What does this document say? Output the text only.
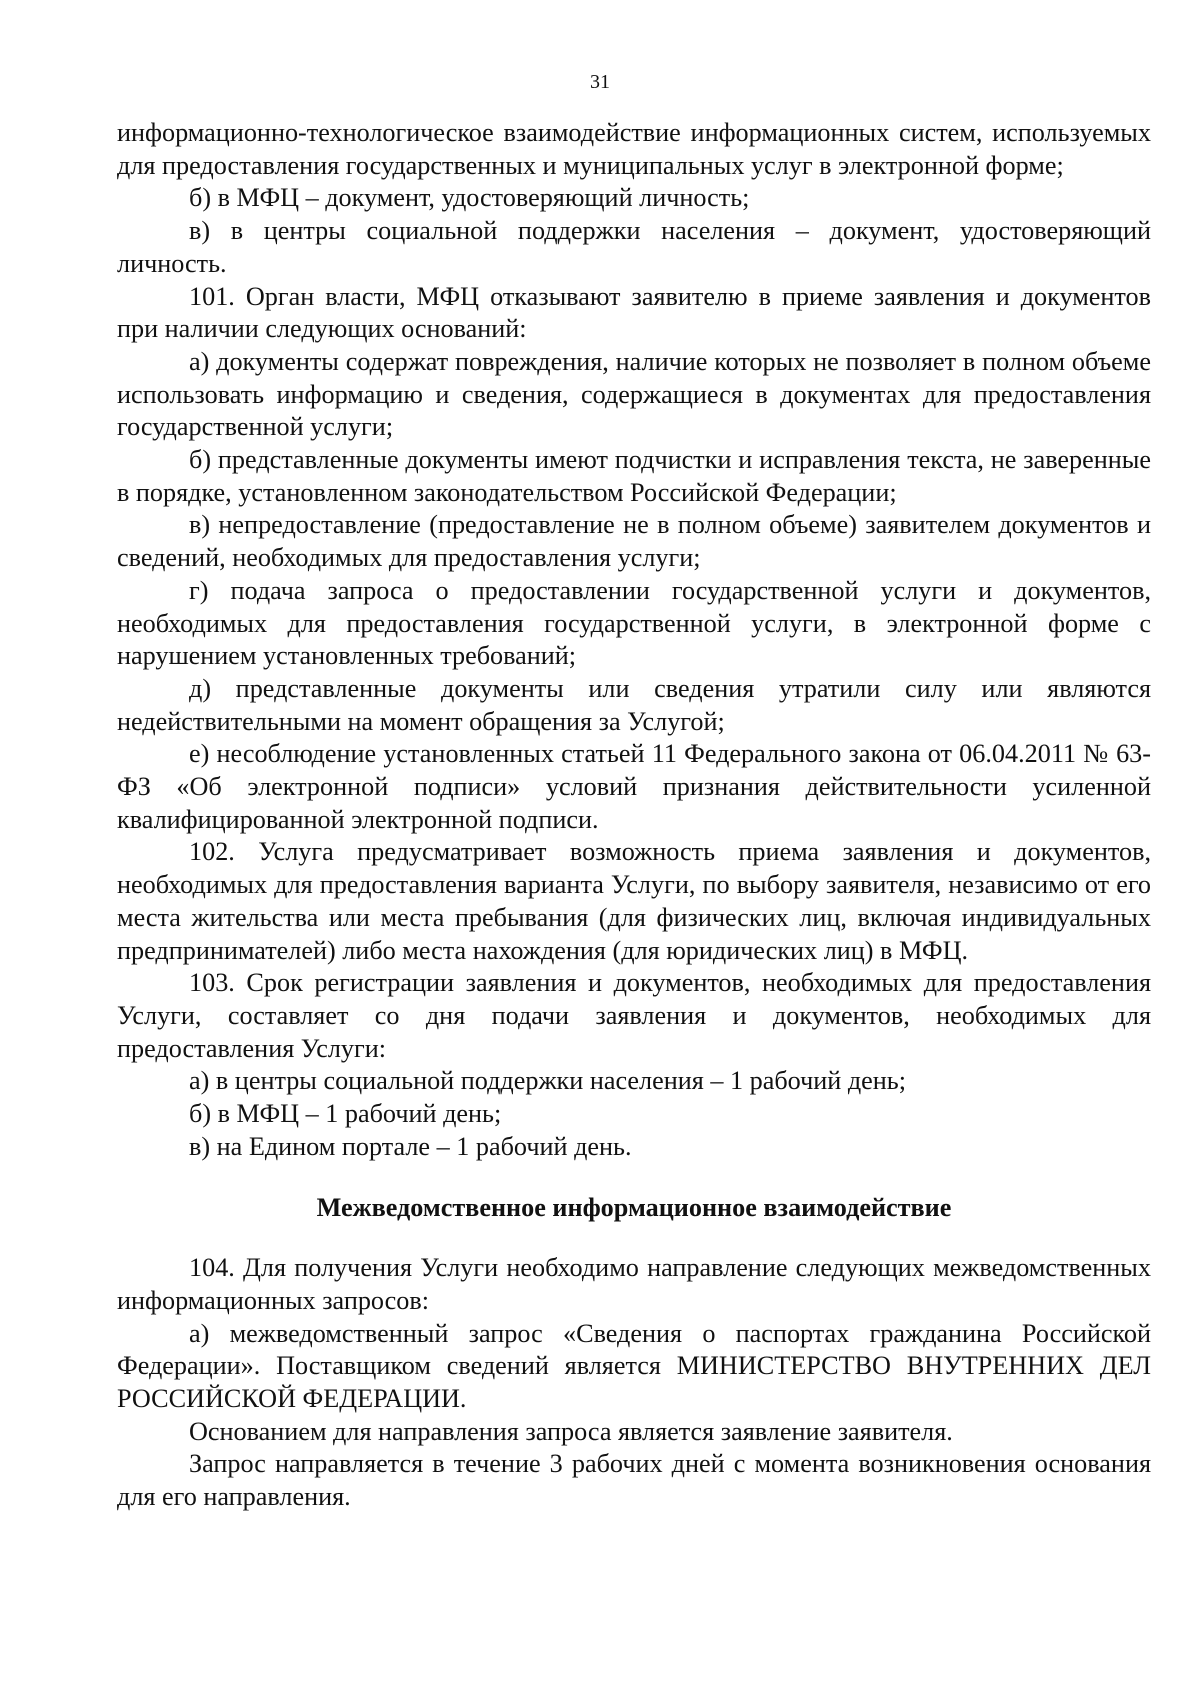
31

информационно-технологическое взаимодействие информационных систем, используемых для предоставления государственных и муниципальных услуг в электронной форме;

б) в МФЦ – документ, удостоверяющий личность;

в) в центры социальной поддержки населения – документ, удостоверяющий личность.

101. Орган власти, МФЦ отказывают заявителю в приеме заявления и документов при наличии следующих оснований:

а) документы содержат повреждения, наличие которых не позволяет в полном объеме использовать информацию и сведения, содержащиеся в документах для предоставления государственной услуги;

б) представленные документы имеют подчистки и исправления текста, не заверенные в порядке, установленном законодательством Российской Федерации;

в) непредоставление (предоставление не в полном объеме) заявителем документов и сведений, необходимых для предоставления услуги;

г) подача запроса о предоставлении государственной услуги и документов, необходимых для предоставления государственной услуги, в электронной форме с нарушением установленных требований;

д) представленные документы или сведения утратили силу или являются недействительными на момент обращения за Услугой;

е) несоблюдение установленных статьей 11 Федерального закона от 06.04.2011 № 63-ФЗ «Об электронной подписи» условий признания действительности усиленной квалифицированной электронной подписи.

102. Услуга предусматривает возможность приема заявления и документов, необходимых для предоставления варианта Услуги, по выбору заявителя, независимо от его места жительства или места пребывания (для физических лиц, включая индивидуальных предпринимателей) либо места нахождения (для юридических лиц) в МФЦ.

103. Срок регистрации заявления и документов, необходимых для предоставления Услуги, составляет со дня подачи заявления и документов, необходимых для предоставления Услуги:

а) в центры социальной поддержки населения – 1 рабочий день;

б) в МФЦ – 1 рабочий день;

в) на Едином портале – 1 рабочий день.

Межведомственное информационное взаимодействие

104. Для получения Услуги необходимо направление следующих межведомственных информационных запросов:

а) межведомственный запрос «Сведения о паспортах гражданина Российской Федерации». Поставщиком сведений является МИНИСТЕРСТВО ВНУТРЕННИХ ДЕЛ РОССИЙСКОЙ ФЕДЕРАЦИИ.

Основанием для направления запроса является заявление заявителя.

Запрос направляется в течение 3 рабочих дней с момента возникновения основания для его направления.
